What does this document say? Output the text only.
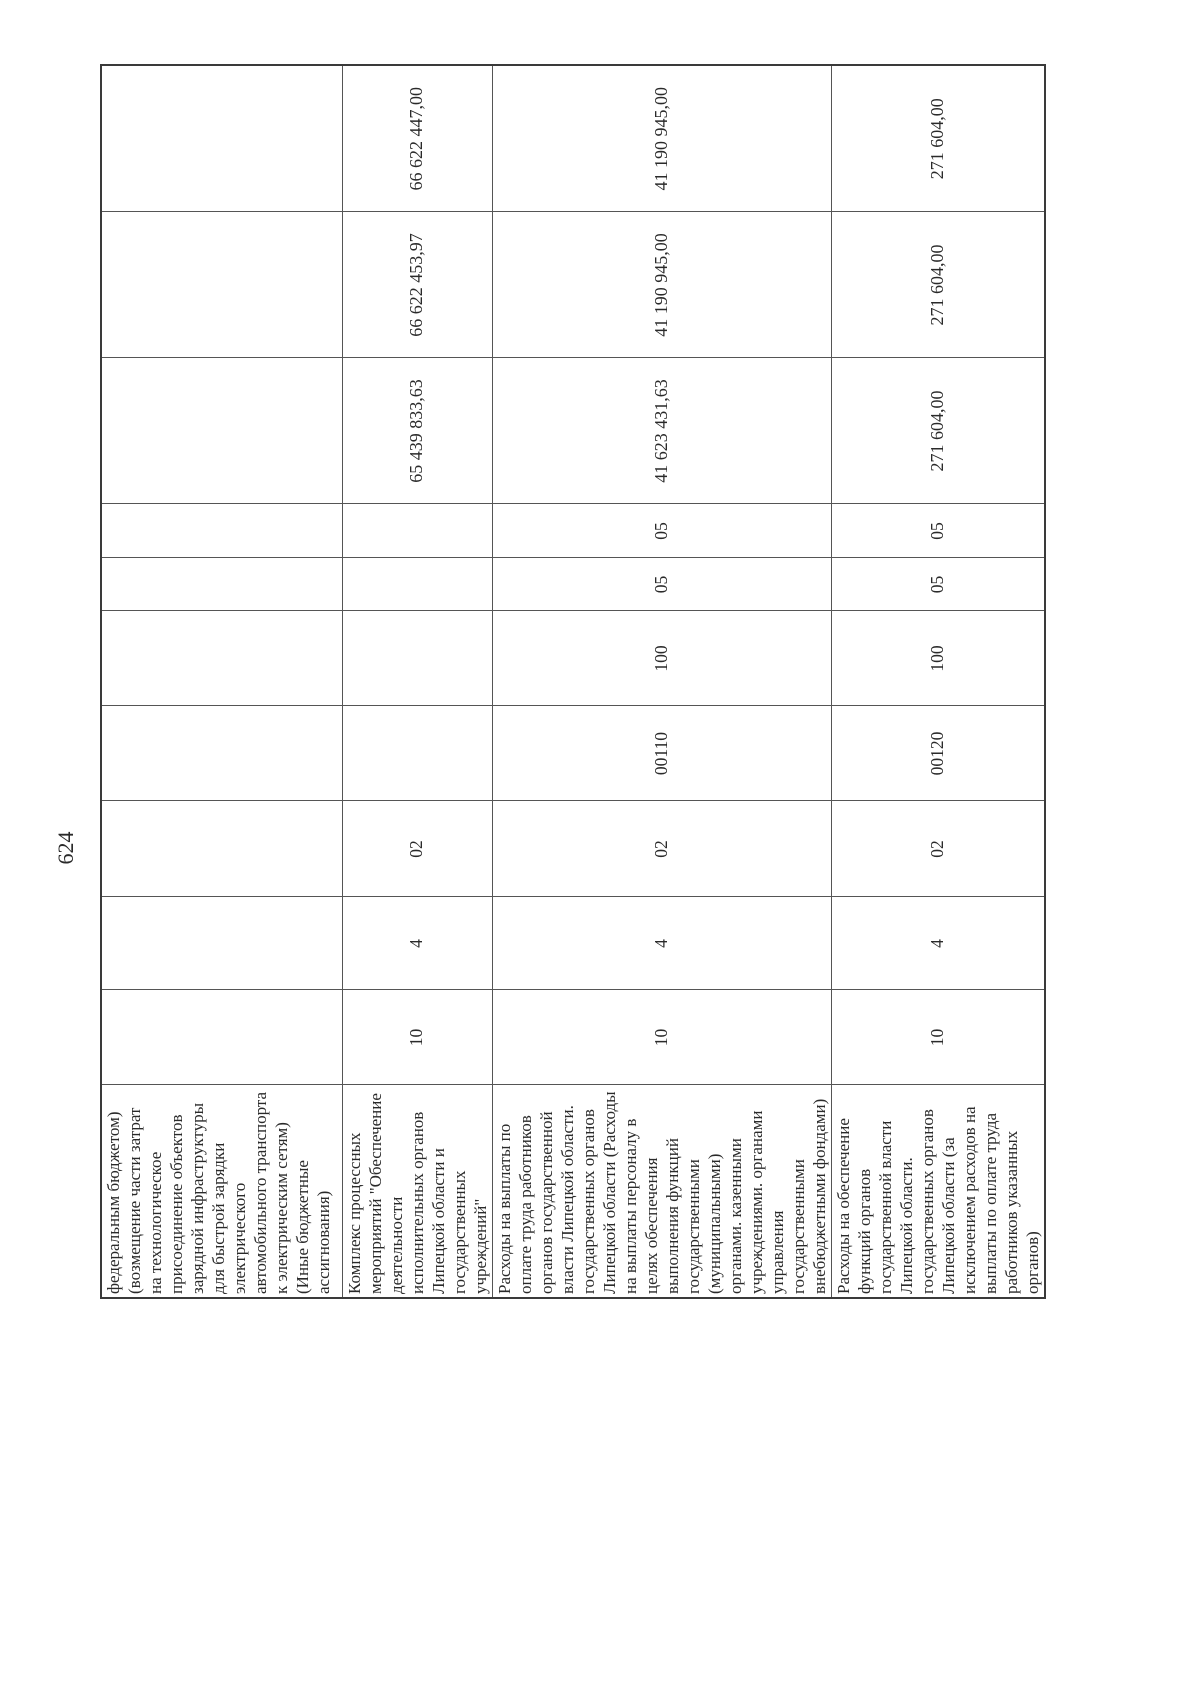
624
федеральным бюджетом) (возмещение части затрат на технологическое присоединение объектов зарядной инфраструктуры для быстрой зарядки электрического автомобильного транспорта к электрическим сетям) (Иные бюджетные ассигнования)										
Комплекс процессных мероприятий "Обеспечение деятельности исполнительных органов Липецкой области и государственных учреждений"	10	4	02					65 439 833,63	66 622 453,97	66 622 447,00
Расходы на выплаты по оплате труда работников органов государственной власти Липецкой области. государственных органов Липецкой области (Расходы на выплаты персоналу в целях обеспечения выполнения функций государственными (муниципальными) органами. казенными учреждениями. органами управления государственными внебюджетными фондами)	10	4	02	00110	100	05	05	41 623 431,63	41 190 945,00	41 190 945,00
Расходы на обеспечение функций органов государственной власти Липецкой области. государственных органов Липецкой области (за исключением расходов на выплаты по оплате труда работников указанных органов)	10	4	02	00120	100	05	05	271 604,00	271 604,00	271 604,00
